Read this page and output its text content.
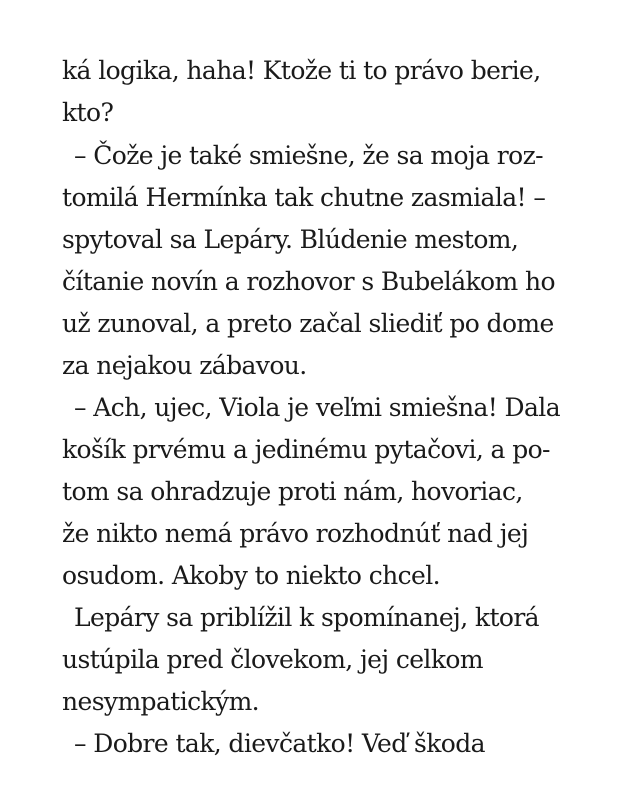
ká logika, haha! Ktože ti to právo berie,
kto?
– Čože je také smiešne, že sa moja roz-
tomilá Hermínka tak chutne zasmiala! –
spytoval sa Lepáry. Blúdenie mestom,
čítanie novín a rozhovor s Bubelákom ho
už zunoval, a preto začal sliediť po dome
za nejakou zábavou.
– Ach, ujec, Viola je veľmi smiešna! Dala
košík prvému a jedinému pytačovi, a po-
tom sa ohradzuje proti nám, hovoriac,
že nikto nemá právo rozhodnúť nad jej
osudom. Akoby to niekto chcel.
Lepáry sa priblížil k spomínanej, ktorá
ustúpila pred človekom, jej celkom
nesympatickým.
– Dobre tak, dievčatko! Veď škoda
